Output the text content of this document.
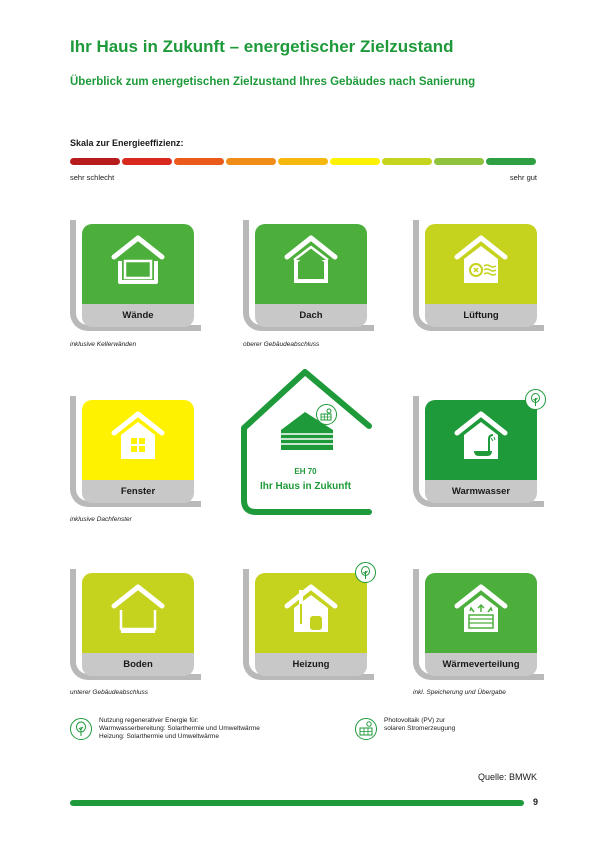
Ihr Haus in Zukunft – energetischer Zielzustand
Überblick zum energetischen Zielzustand Ihres Gebäudes nach Sanierung
Skala zur Energieeffizienz:
sehr schlecht	sehr gut
Wände
inklusive Kellerwänden
Dach
oberer Gebäudeabschluss
Lüftung
Fenster
inklusive Dachfenster
EH 70
Ihr Haus in Zukunft	Warmwasser
Boden
unterer Gebäudeabschluss
Heizung	Wärmeverteilung
inkl. Speicherung und Übergabe
Nutzung regenerativer Energie für:
Warmwasserbereitung: Solarthermie und Umweltwärme
Heizung: Solarthermie und Umweltwärme
Photovoltaik (PV) zur
solaren Stromerzeugung
Quelle: BMWK
9
